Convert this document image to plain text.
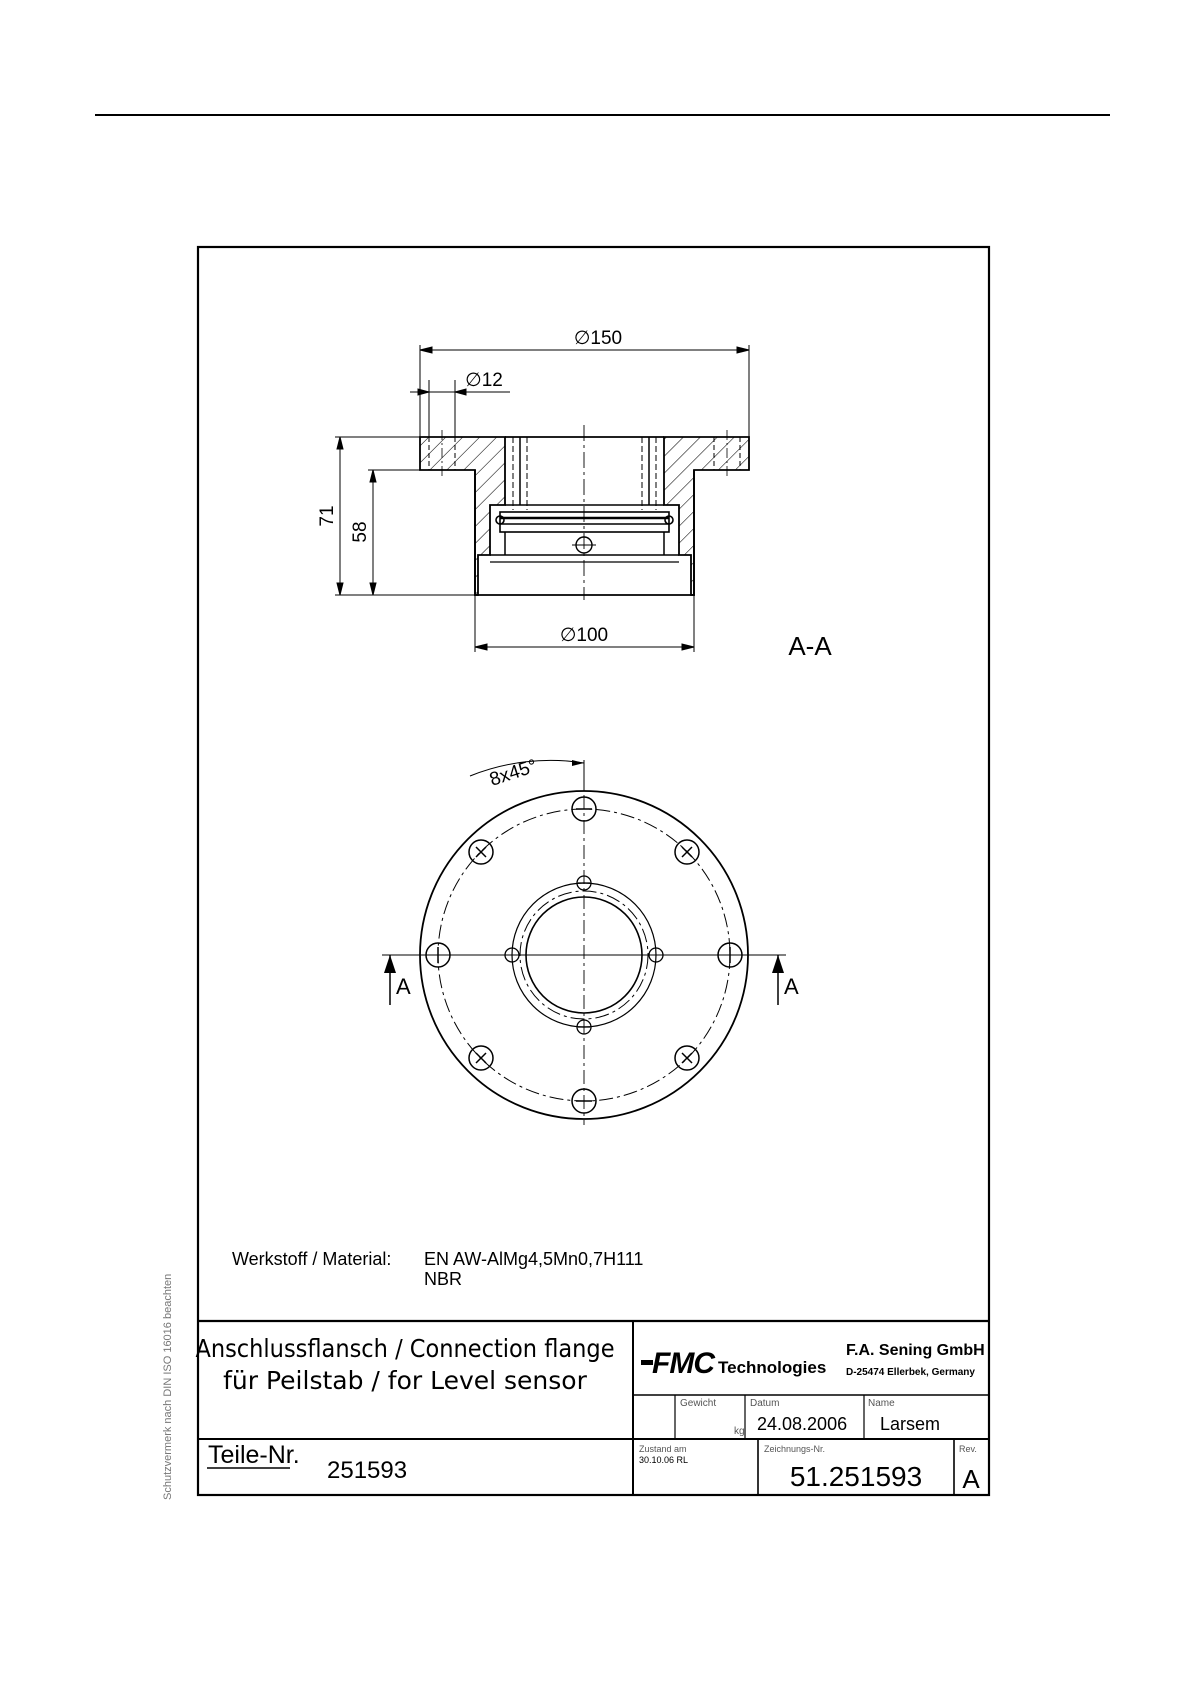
Schutzvermerk nach DIN ISO 16016 beachten
∅150
∅12
∅100
71
58
A-A
8x45°
A	A
Werkstoff / Material: EN AW-AlMg4,5Mn0,7H111
NBR
Anschlussflansch / Connection flange
für Peilstab / for Level sensor
FMC Technologies
F.A. Sening GmbH
D-25474 Ellerbek, Germany
Gewicht
kg
Datum
24.08.2006
Name
Larsem
Teile-Nr.
251593
Zustand am
30.10.06 RL
Zeichnungs-Nr.
51.251593
Rev.
A
